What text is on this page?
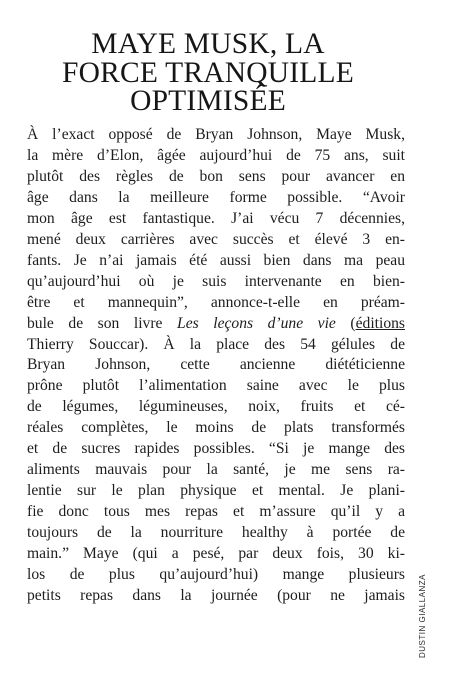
MAYE MUSK, LA
FORCE TRANQUILLE
OPTIMISÉE
À l’exact opposé de Bryan Johnson, Maye Musk,
la mère d’Elon, âgée aujourd’hui de 75 ans, suit
plutôt des règles de bon sens pour avancer en
âge dans la meilleure forme possible. “Avoir
mon âge est fantastique. J’ai vécu 7 décennies,
mené deux carrières avec succès et élevé 3 en-
fants. Je n’ai jamais été aussi bien dans ma peau
qu’aujourd’hui où je suis intervenante en bien-
être et mannequin”, annonce-t-elle en préam-
bule de son livre Les leçons d’une vie (éditions
Thierry Souccar). À la place des 54 gélules de
Bryan Johnson, cette ancienne diététicienne
prône plutôt l’alimentation saine avec le plus
de légumes, légumineuses, noix, fruits et cé-
réales complètes, le moins de plats transformés
et de sucres rapides possibles. “Si je mange des
aliments mauvais pour la santé, je me sens ra-
lentie sur le plan physique et mental. Je plani-
fie donc tous mes repas et m’assure qu’il y a
toujours de la nourriture healthy à portée de
main.” Maye (qui a pesé, par deux fois, 30 ki-
los de plus qu’aujourd’hui) mange plusieurs
petits repas dans la journée (pour ne jamais DUSTIN GIALLANZA
